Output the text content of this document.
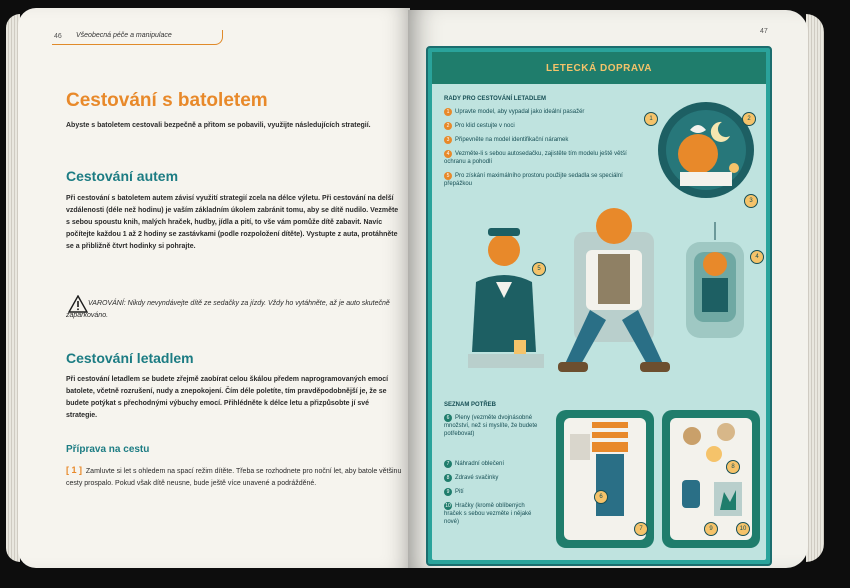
46 Všeobecná péče a manipulace
Cestování s batoletem
Abyste s batoletem cestovali bezpečně a přitom se pobavili, využijte následujících strategií.
Cestování autem
Při cestování s batoletem autem závisí využití strategií zcela na délce výletu. Při cestování na delší vzdálenosti (déle než hodinu) je vaším základním úkolem zabránit tomu, aby se dítě nudilo. Vezměte s sebou spoustu knih, malých hraček, hudby, jídla a pití, to vše vám pomůže dítě zabavit. Navíc počítejte každou 1 až 2 hodiny se zastávkami (podle rozpoložení dítěte). Vystupte z auta, protáhněte se a přibližně čtvrt hodinky si pohrajte.
VAROVÁNÍ: Nikdy nevyndávejte dítě ze sedačky za jízdy. Vždy ho vytáhněte, až je auto skutečně zaparkováno.
Cestování letadlem
Při cestování letadlem se budete zřejmě zaobírat celou škálou předem naprogramovaných emocí batolete, včetně rozrušení, nudy a znepokojení. Čím déle poletíte, tím pravděpodobnější je, že se budete potýkat s přechodnými výbuchy emocí. Přihlédněte k délce letu a přizpůsobte jí své strategie.
Příprava na cestu
[ 1 ] Zamluvte si let s ohledem na spací režim dítěte. Třeba se rozhodnete pro noční let, aby batole většinu cesty prospalo. Pokud však dítě neusne, bude ještě více unavené a podrážděné.
47
LETECKÁ DOPRAVA
RADY PRO CESTOVÁNÍ LETADLEM
1 Upravte model, aby vypadal jako ideální pasažér
2 Pro klid cestujte v noci
3 Připevněte na model identifikační náramek
4 Vezměte-li s sebou autosedačku, zajistěte tím modelu ještě větší ochranu a pohodlí
5 Pro získání maximálního prostoru použijte sedadla se speciální přepážkou
1	2
3
5
4
SEZNAM POTŘEB
6 Pleny (vezměte dvojnásobné množství, než si myslíte, že budete potřebovat)
7 Náhradní oblečení
8 Zdravé svačinky
9 Pití
10 Hračky (kromě oblíbených hraček s sebou vezměte i nějaké nové)
6
7
8
9	10
